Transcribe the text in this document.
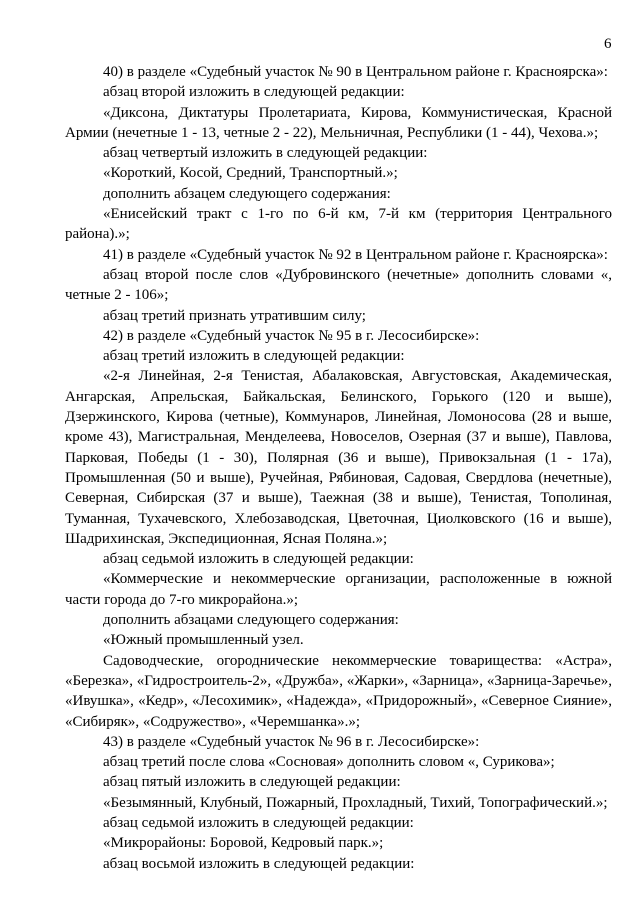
6

40) в разделе «Судебный участок № 90 в Центральном районе г. Красноярска»:

абзац второй изложить в следующей редакции:

«Диксона, Диктатуры Пролетариата, Кирова, Коммунистическая, Красной Армии (нечетные 1 - 13, четные 2 - 22), Мельничная, Республики (1 - 44), Чехова.»;

абзац четвертый изложить в следующей редакции:

«Короткий, Косой, Средний, Транспортный.»;

дополнить абзацем следующего содержания:

«Енисейский тракт с 1-го по 6-й км, 7-й км (территория Центрального района).»;

41) в разделе «Судебный участок № 92 в Центральном районе г. Красноярска»:

абзац второй после слов «Дубровинского (нечетные» дополнить словами «, четные 2 - 106»;

абзац третий признать утратившим силу;

42) в разделе «Судебный участок № 95 в г. Лесосибирске»:

абзац третий изложить в следующей редакции:

«2-я Линейная, 2-я Тенистая, Абалаковская, Августовская, Академическая, Ангарская, Апрельская, Байкальская, Белинского, Горького (120 и выше), Дзержинского, Кирова (четные), Коммунаров, Линейная, Ломоносова (28 и выше, кроме 43), Магистральная, Менделеева, Новоселов, Озерная (37 и выше), Павлова, Парковая, Победы (1 - 30), Полярная (36 и выше), Привокзальная (1 - 17а), Промышленная (50 и выше), Ручейная, Рябиновая, Садовая, Свердлова (нечетные), Северная, Сибирская (37 и выше), Таежная (38 и выше), Тенистая, Тополиная, Туманная, Тухачевского, Хлебозаводская, Цветочная, Циолковского (16 и выше), Шадрихинская, Экспедиционная, Ясная Поляна.»;

абзац седьмой изложить в следующей редакции:

«Коммерческие и некоммерческие организации, расположенные в южной части города до 7-го микрорайона.»;

дополнить абзацами следующего содержания:

«Южный промышленный узел.

Садоводческие, огороднические некоммерческие товарищества: «Астра», «Березка», «Гидростроитель-2», «Дружба», «Жарки», «Зарница», «Зарница-Заречье», «Ивушка», «Кедр», «Лесохимик», «Надежда», «Придорожный», «Северное Сияние», «Сибиряк», «Содружество», «Черемшанка».»;

43) в разделе «Судебный участок № 96 в г. Лесосибирске»:

абзац третий после слова «Сосновая» дополнить словом «, Сурикова»;

абзац пятый изложить в следующей редакции:

«Безымянный, Клубный, Пожарный, Прохладный, Тихий, Топографический.»;

абзац седьмой изложить в следующей редакции:

«Микрорайоны: Боровой, Кедровый парк.»;

абзац восьмой изложить в следующей редакции:
